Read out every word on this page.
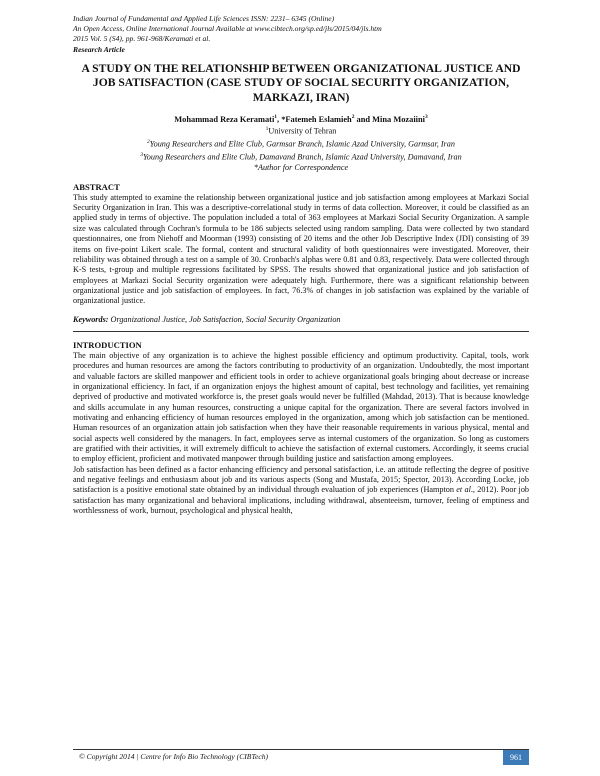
Indian Journal of Fundamental and Applied Life Sciences ISSN: 2231– 6345 (Online)
An Open Access, Online International Journal Available at www.cibtech.org/sp.ed/jls/2015/04/jls.htm
2015 Vol. 5 (S4), pp. 961-968/Keramati et al.
Research Article
A STUDY ON THE RELATIONSHIP BETWEEN ORGANIZATIONAL JUSTICE AND JOB SATISFACTION (CASE STUDY OF SOCIAL SECURITY ORGANIZATION, MARKAZI, IRAN)
Mohammad Reza Keramati$^1$, *Fatemeh Eslamieh$^2$ and Mina Mozaiini$^3$
$^1$University of Tehran
$^2$Young Researchers and Elite Club, Garmsar Branch, Islamic Azad University, Garmsar, Iran
$^3$Young Researchers and Elite Club, Damavand Branch, Islamic Azad University, Damavand, Iran
*Author for Correspondence
ABSTRACT
This study attempted to examine the relationship between organizational justice and job satisfaction among employees at Markazi Social Security Organization in Iran. This was a descriptive-correlational study in terms of data collection. Moreover, it could be classified as an applied study in terms of objective. The population included a total of 363 employees at Markazi Social Security Organization. A sample size was calculated through Cochran's formula to be 186 subjects selected using random sampling. Data were collected by two standard questionnaires, one from Niehoff and Moorman (1993) consisting of 20 items and the other Job Descriptive Index (JDI) consisting of 39 items on five-point Likert scale. The formal, content and structural validity of both questionnaires were investigated. Moreover, their reliability was obtained through a test on a sample of 30. Cronbach's alphas were 0.81 and 0.83, respectively. Data were collected through K-S tests, t-group and multiple regressions facilitated by SPSS. The results showed that organizational justice and job satisfaction of employees at Markazi Social Security organization were adequately high. Furthermore, there was a significant relationship between organizational justice and job satisfaction of employees. In fact, 76.3% of changes in job satisfaction was explained by the variable of organizational justice.
Keywords: Organizational Justice, Job Satisfaction, Social Security Organization
INTRODUCTION
The main objective of any organization is to achieve the highest possible efficiency and optimum productivity. Capital, tools, work procedures and human resources are among the factors contributing to productivity of an organization. Undoubtedly, the most important and valuable factors are skilled manpower and efficient tools in order to achieve organizational goals bringing about decrease or increase in organizational efficiency. In fact, if an organization enjoys the highest amount of capital, best technology and facilities, yet remaining deprived of productive and motivated workforce is, the preset goals would never be fulfilled (Mahdad, 2013). That is because knowledge and skills accumulate in any human resources, constructing a unique capital for the organization. There are several factors involved in motivating and enhancing efficiency of human resources employed in the organization, among which job satisfaction can be mentioned. Human resources of an organization attain job satisfaction when they have their reasonable requirements in various physical, mental and social aspects well considered by the managers. In fact, employees serve as internal customers of the organization. So long as customers are gratified with their activities, it will extremely difficult to achieve the satisfaction of external customers. Accordingly, it seems crucial to employ efficient, proficient and motivated manpower through building justice and satisfaction among employees.
Job satisfaction has been defined as a factor enhancing efficiency and personal satisfaction, i.e. an attitude reflecting the degree of positive and negative feelings and enthusiasm about job and its various aspects (Song and Mustafa, 2015; Spector, 2013). According Locke, job satisfaction is a positive emotional state obtained by an individual through evaluation of job experiences (Hampton et al., 2012). Poor job satisfaction has many organizational and behavioral implications, including withdrawal, absenteeism, turnover, feeling of emptiness and worthlessness of work, burnout, psychological and physical health,
© Copyright 2014 | Centre for Info Bio Technology (CIBTech)	961
